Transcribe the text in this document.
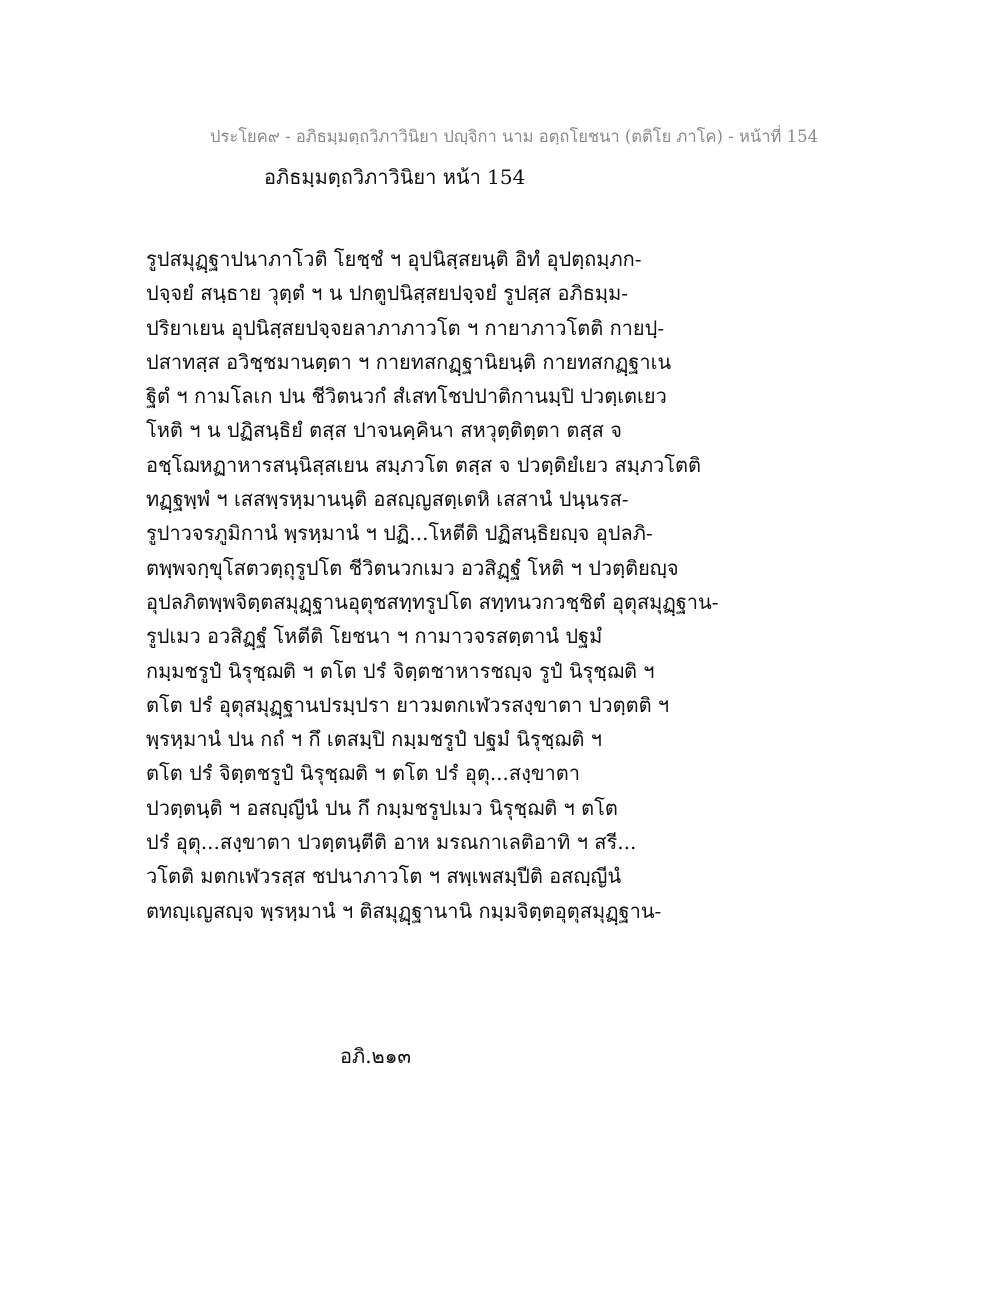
ประโยค๙ - อภิธมฺมตฺถวิภาวินิยา ปญฺจิกา นาม อตฺถโยชนา (ตติโย ภาโค) - หน้าที่ 154
อภิธมฺมตฺถวิภาวินิยา หน้า 154
รูปสมุฏฺฐาปนาภาโวติ โยชฺชํ ฯ อุปนิสฺสยนฺติ อิทํ อุปตฺถมฺภก-
ปจฺจยํ สนฺธาย วุตฺตํ ฯ น ปกตูปนิสฺสยปจฺจยํ รูปสฺส อภิธมฺม-
ปริยาเยน อุปนิสฺสยปจฺจยลาภาภาวโต ฯ กายาภาวโตติ กายปฺ-
ปสาทสฺส อวิชฺชมานตฺตา ฯ กายทสกฏฺฐานิยนฺติ กายทสกฏฺฐาเน
ฐิตํ ฯ กามโลเก ปน ชีวิตนวกํ สํเสทโชปปาติกานมฺปิ ปวตฺเตเยว
โหติ ฯ น ปฏิสนฺธิยํ ตสฺส ปาจนคฺคินา สหวุตฺติตฺตา ตสฺส จ
อชฺโฌหฏาหารสนฺนิสฺสเยน สมฺภวโต ตสฺส จ ปวตฺติยํเยว สมฺภวโตติ
ทฏฺฐพฺพํ ฯ เสสพฺรหฺมานนฺติ อสญฺญสตฺเตหิ เสสานํ ปนฺนรส-
รูปาวจรภูมิกานํ พฺรหฺมานํ ฯ ปฏิ...โหตีติ ปฏิสนฺธิยญฺจ อุปลภิ-
ตพฺพจกฺขุโสตวตฺถุรูปโต ชีวิตนวกเมว อวสิฏฺฐํ โหติ ฯ ปวตฺติยญฺจ
อุปลภิตพฺพจิตฺตสมุฏฺฐานอุตุชสทฺทรูปโต สทฺทนวกวชฺชิตํ อุตุสมุฏฺฐาน-
รูปเมว อวสิฏฺฐํ โหตีติ โยชนา ฯ กามาวจรสตฺตานํ ปฐมํ
กมฺมชรูปํ นิรุชฺฌติ ฯ ตโต ปรํ จิตฺตชาหารชญฺจ รูปํ นิรุชฺฌติ ฯ
ตโต ปรํ อุตุสมุฏฺฐานปรมฺปรา ยาวมตกเฬวรสงฺขาตา ปวตฺตติ ฯ
พฺรหฺมานํ ปน กถํ ฯ กึ เตสมฺปิ กมฺมชรูปํ ปฐมํ นิรุชฺฌติ ฯ
ตโต ปรํ จิตฺตชรูปํ นิรุชฺฌติ ฯ ตโต ปรํ อุตุ...สงฺขาตา
ปวตฺตนฺติ ฯ อสญฺญีนํ ปน กึ กมฺมชรูปเมว นิรุชฺฌติ ฯ ตโต
ปรํ อุตุ...สงฺขาตา ปวตฺตนฺตีติ อาห มรณกาเลติอาทิ ฯ สรี...
วโตติ มตกเฬวรสฺส ชปนาภาวโต ฯ สพฺเพสมฺปีติ อสญฺญีนํ
ตทญฺเญสญฺจ พฺรหฺมานํ ฯ ติสมุฏฺฐานานิ กมฺมจิตฺตอุตุสมุฏฺฐาน-
อภิ.๒๑๓
